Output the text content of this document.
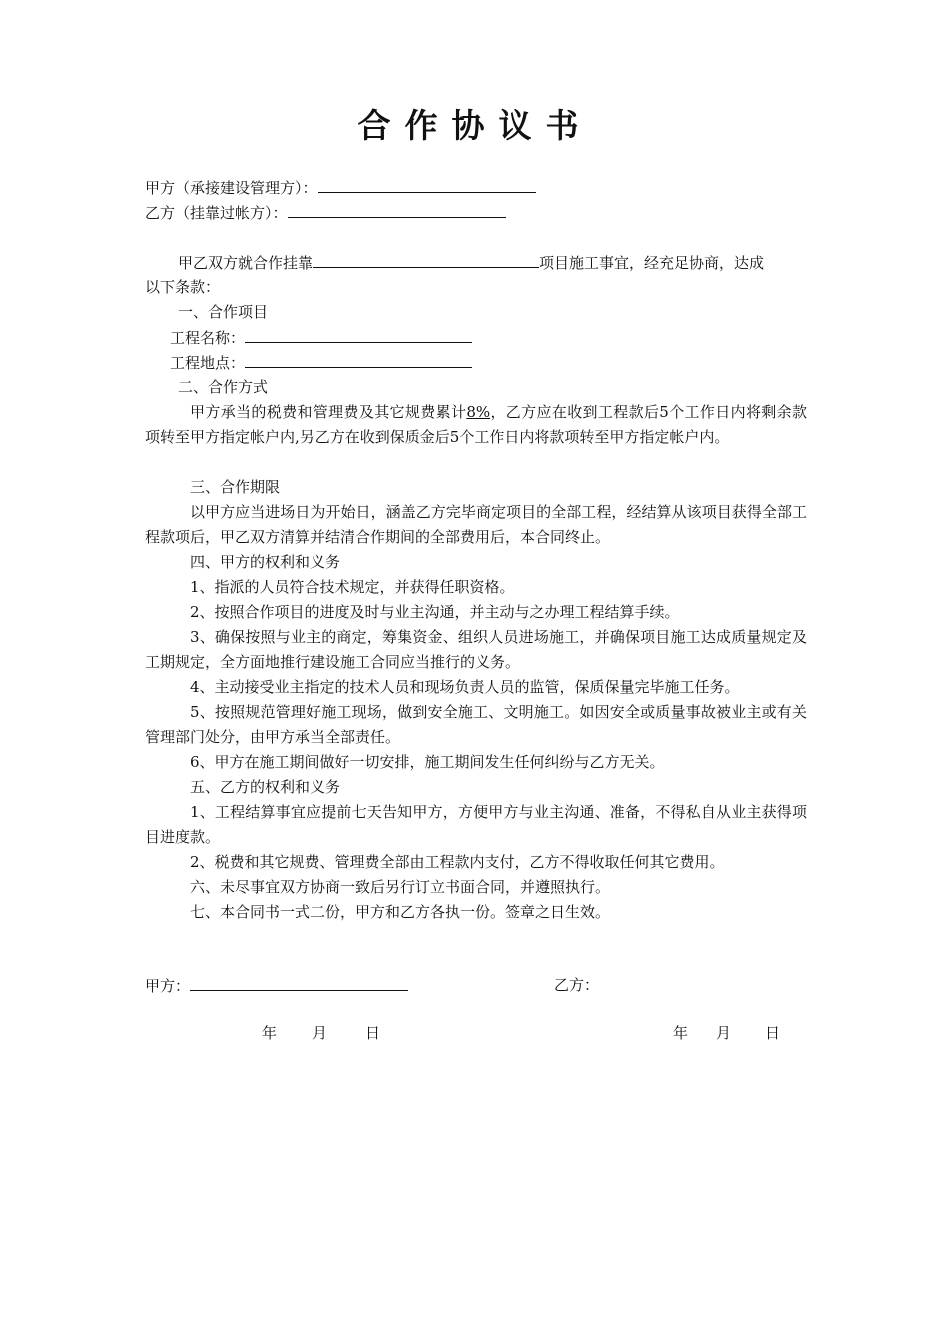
合作协议书
甲方（承接建设管理方）：
乙方（挂靠过帐方）：
甲乙双方就合作挂靠	项目施工事宜，经充足协商，达成
以下条款：
一、合作项目
工程名称：
工程地点：
二、合作方式

甲方承当的税费和管理费及其它规费累计8%，乙方应在收到工程款后5个工作日内将剩余款项转至甲方指定帐户内,另乙方在收到保质金后5个工作日内将款项转至甲方指定帐户内。

三、合作期限

以甲方应当进场日为开始日，涵盖乙方完毕商定项目的全部工程，经结算从该项目获得全部工程款项后，甲乙双方清算并结清合作期间的全部费用后，本合同终止。

四、甲方的权利和义务

1、指派的人员符合技术规定，并获得任职资格。

2、按照合作项目的进度及时与业主沟通，并主动与之办理工程结算手续。

3、确保按照与业主的商定，筹集资金、组织人员进场施工，并确保项目施工达成质量规定及工期规定，全方面地推行建设施工合同应当推行的义务。

4、主动接受业主指定的技术人员和现场负责人员的监管，保质保量完毕施工任务。

5、按照规范管理好施工现场，做到安全施工、文明施工。如因安全或质量事故被业主或有关管理部门处分，由甲方承当全部责任。

6、甲方在施工期间做好一切安排，施工期间发生任何纠纷与乙方无关。

五、乙方的权利和义务

1、工程结算事宜应提前七天告知甲方，方便甲方与业主沟通、准备，不得私自从业主获得项目进度款。

2、税费和其它规费、管理费全部由工程款内支付，乙方不得收取任何其它费用。

六、未尽事宜双方协商一致后另行订立书面合同，并遵照执行。

七、本合同书一式二份，甲方和乙方各执一份。签章之日生效。

甲方：	乙方：
年 月	日	年 月 日
